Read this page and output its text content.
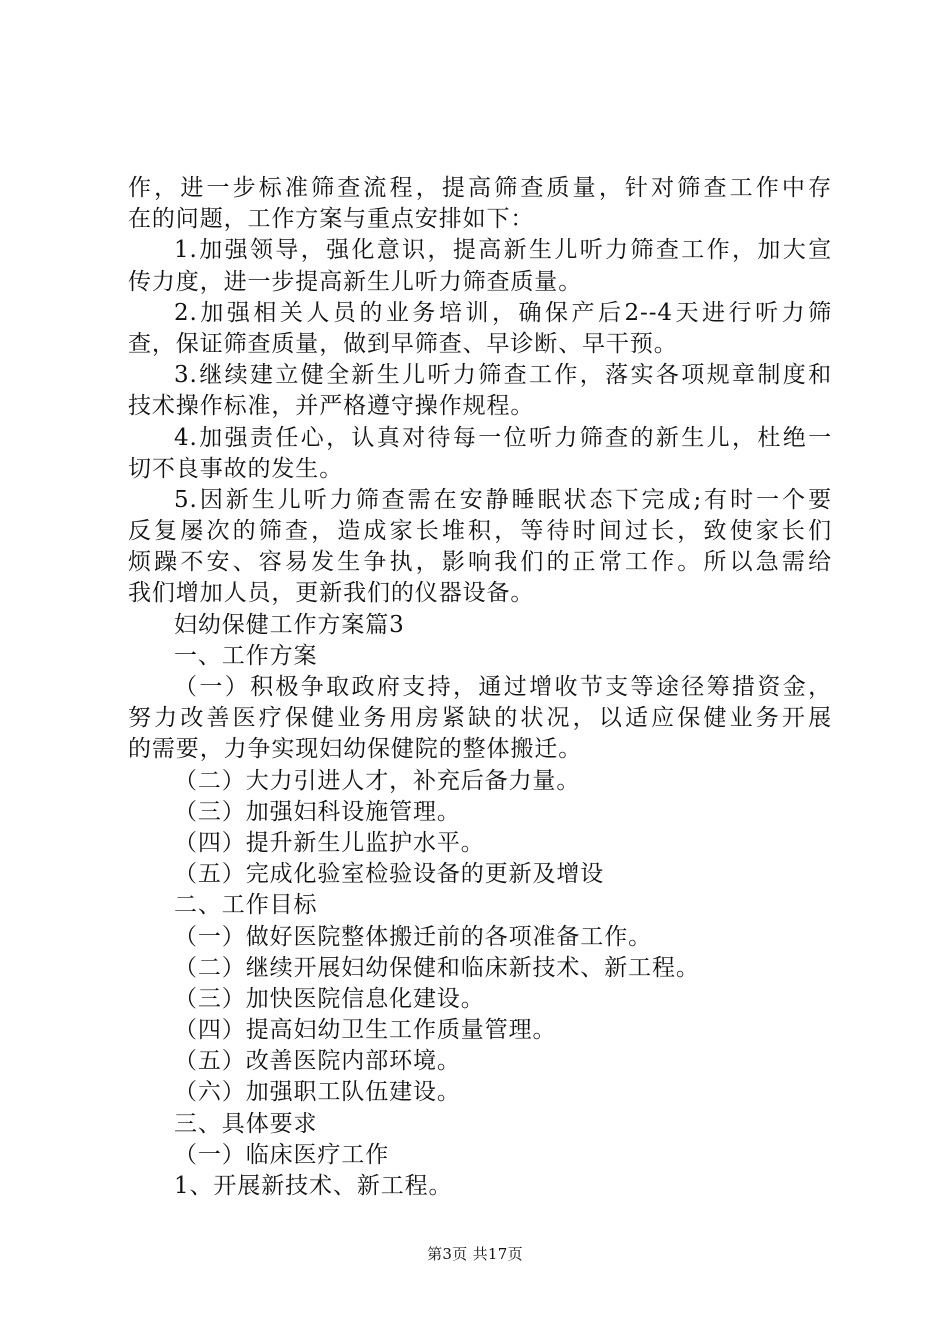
作，进一步标准筛查流程，提高筛查质量，针对筛查工作中存
在的问题，工作方案与重点安排如下：
1.加强领导，强化意识，提高新生儿听力筛查工作，加大宣
传力度，进一步提高新生儿听力筛查质量。
2.加强相关人员的业务培训，确保产后2--4天进行听力筛
查，保证筛查质量，做到早筛查、早诊断、早干预。
3.继续建立健全新生儿听力筛查工作，落实各项规章制度和
技术操作标准，并严格遵守操作规程。
4.加强责任心，认真对待每一位听力筛查的新生儿，杜绝一
切不良事故的发生。
5.因新生儿听力筛查需在安静睡眠状态下完成;有时一个要
反复屡次的筛查，造成家长堆积，等待时间过长，致使家长们
烦躁不安、容易发生争执，影响我们的正常工作。所以急需给
我们增加人员，更新我们的仪器设备。
妇幼保健工作方案篇3
一、工作方案
（一）积极争取政府支持，通过增收节支等途径筹措资金，
努力改善医疗保健业务用房紧缺的状况，以适应保健业务开展
的需要，力争实现妇幼保健院的整体搬迁。
（二）大力引进人才，补充后备力量。
（三）加强妇科设施管理。
（四）提升新生儿监护水平。
（五）完成化验室检验设备的更新及增设
二、工作目标
（一）做好医院整体搬迁前的各项准备工作。
（二）继续开展妇幼保健和临床新技术、新工程。
（三）加快医院信息化建设。
（四）提高妇幼卫生工作质量管理。
（五）改善医院内部环境。
（六）加强职工队伍建设。
三、具体要求
（一）临床医疗工作
1、开展新技术、新工程。
第3页 共17页
